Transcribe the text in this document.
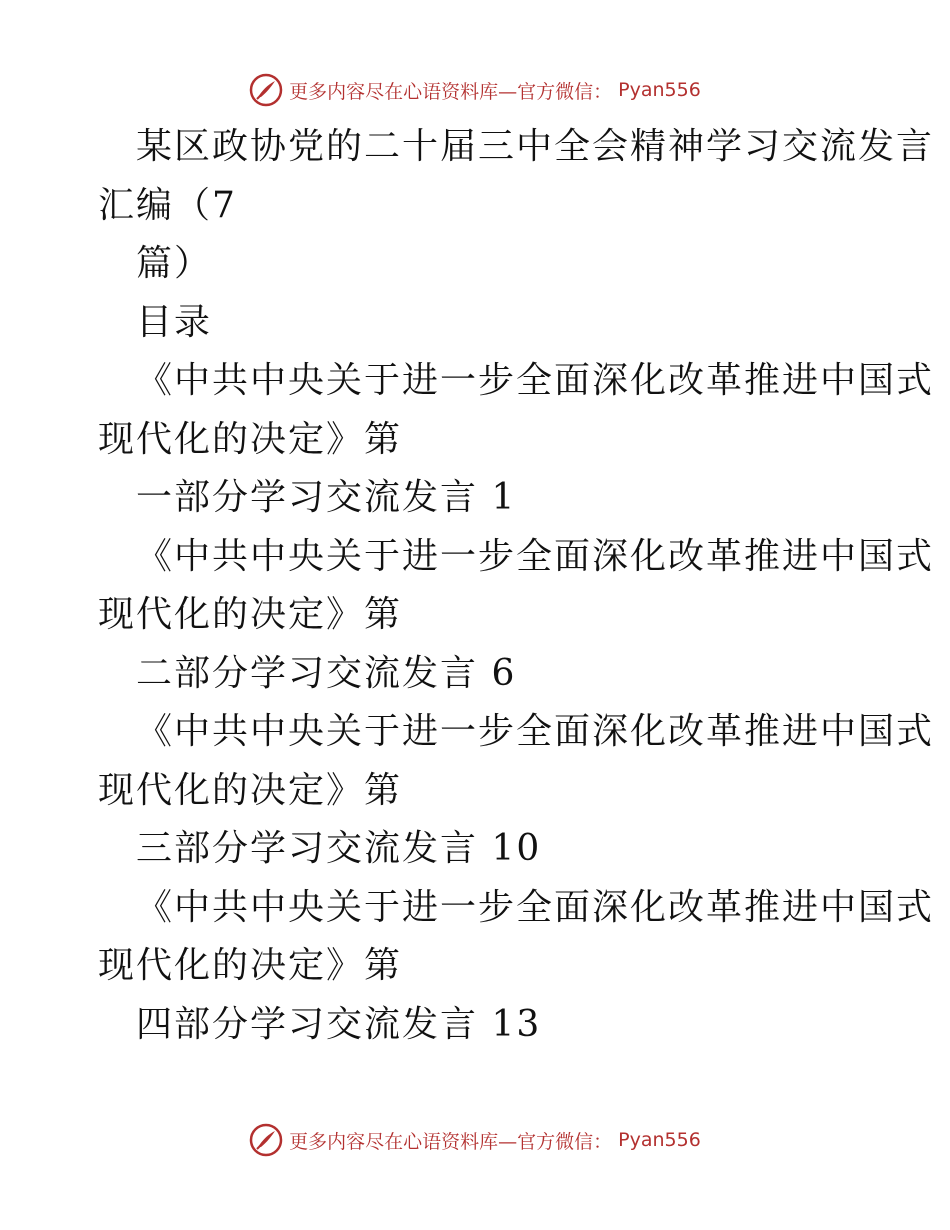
更多内容尽在心语资料库—官方微信： Pyan556
某区政协党的二十届三中全会精神学习交流发言
汇编（7
篇）
目录
《中共中央关于进一步全面深化改革推进中国式
现代化的决定》第
一部分学习交流发言 1
《中共中央关于进一步全面深化改革推进中国式
现代化的决定》第
二部分学习交流发言 6
《中共中央关于进一步全面深化改革推进中国式
现代化的决定》第
三部分学习交流发言 10
《中共中央关于进一步全面深化改革推进中国式
现代化的决定》第
四部分学习交流发言 13
更多内容尽在心语资料库—官方微信： Pyan556
